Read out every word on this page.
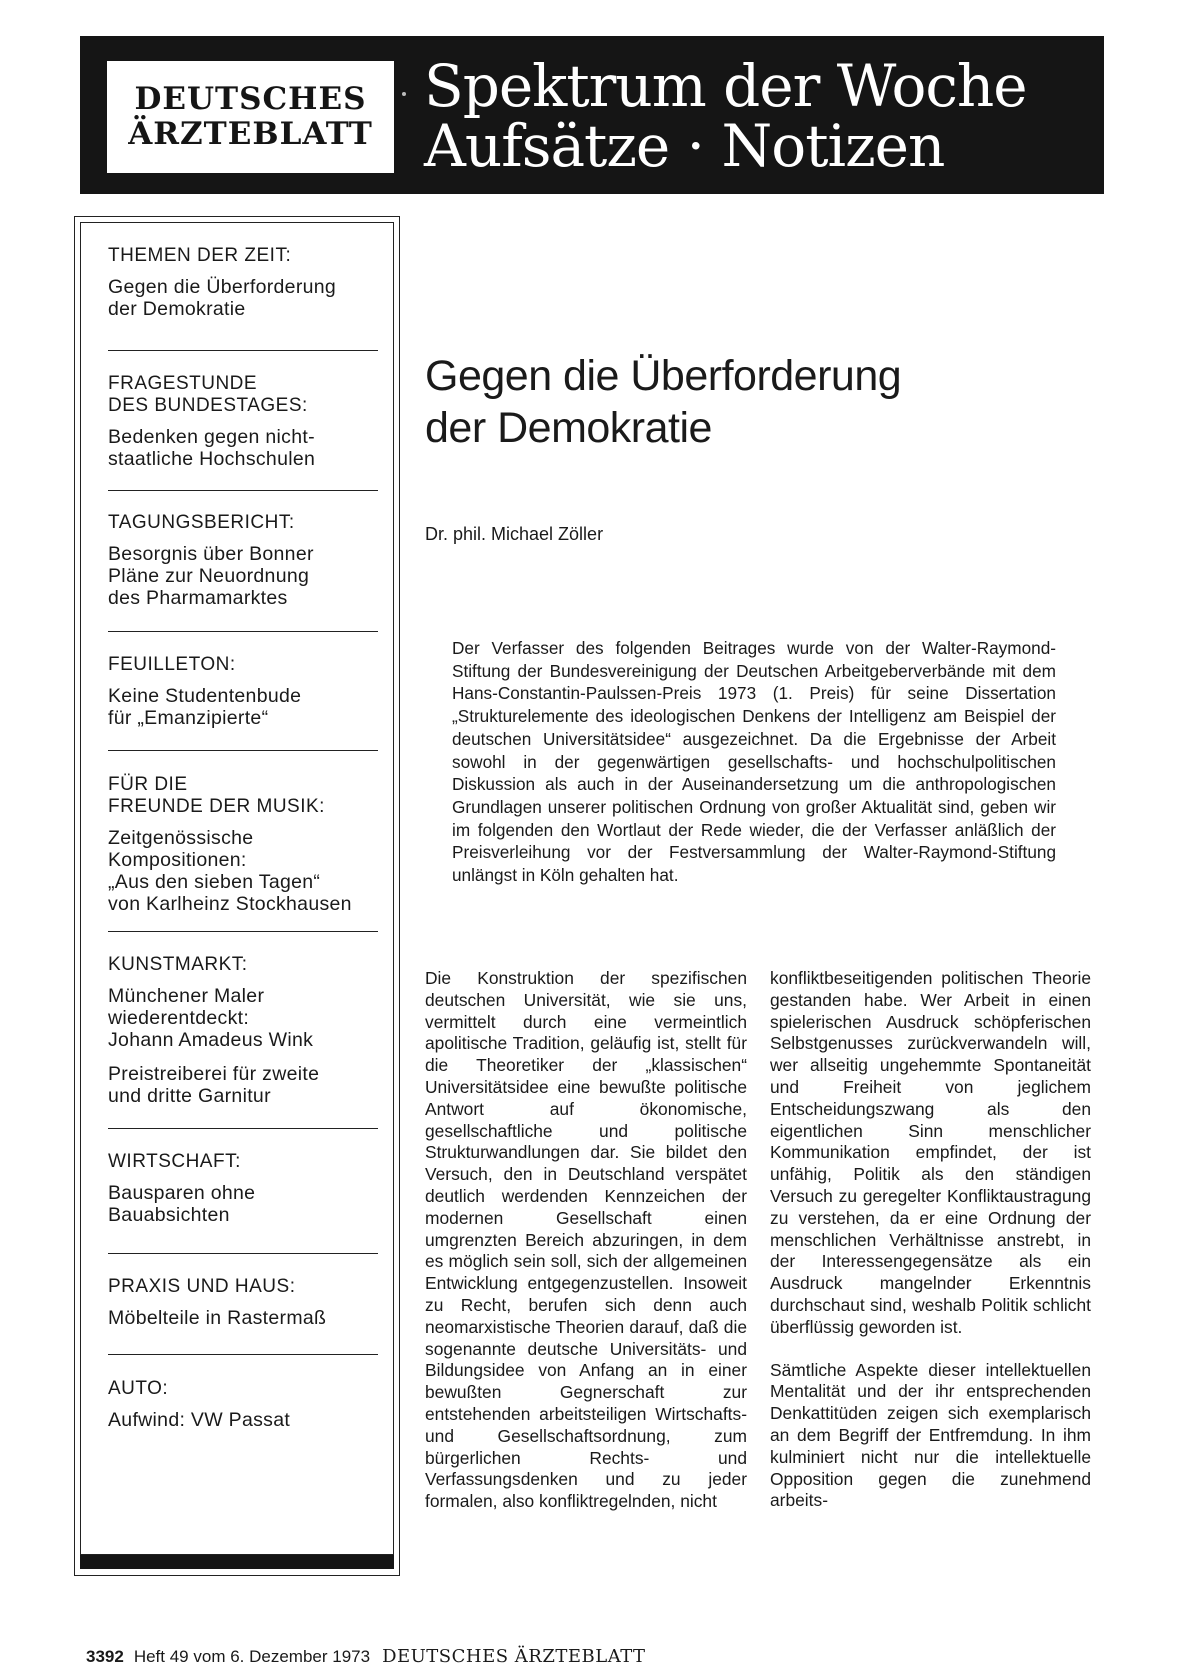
DEUTSCHES
ÄRZTEBLATT
Spektrum der Woche
Aufsätze · Notizen
THEMEN DER ZEIT:
Gegen die Überforderung
der Demokratie
FRAGESTUNDE
DES BUNDESTAGES:
Bedenken gegen nicht-
staatliche Hochschulen
TAGUNGSBERICHT:
Besorgnis über Bonner
Pläne zur Neuordnung
des Pharmamarktes
FEUILLETON:
Keine Studentenbude
für „Emanzipierte“
FÜR DIE
FREUNDE DER MUSIK:
Zeitgenössische
Kompositionen:
„Aus den sieben Tagen“
von Karlheinz Stockhausen
KUNSTMARKT:
Münchener Maler
wiederentdeckt:
Johann Amadeus Wink
Preistreiberei für zweite
und dritte Garnitur
WIRTSCHAFT:
Bausparen ohne
Bauabsichten
PRAXIS UND HAUS:
Möbelteile in Rastermaß
AUTO:
Aufwind: VW Passat
Gegen die Überforderung
der Demokratie
Dr. phil. Michael Zöller
Der Verfasser des folgenden Beitrages wurde von der Walter-Raymond-Stiftung der Bundesvereinigung der Deutschen Arbeitgeberverbände mit dem Hans-Constantin-Paulssen-Preis 1973 (1. Preis) für seine Dissertation „Strukturelemente des ideologischen Denkens der Intelligenz am Beispiel der deutschen Universitätsidee“ ausgezeichnet. Da die Ergebnisse der Arbeit sowohl in der gegenwärtigen gesellschafts- und hochschulpolitischen Diskussion als auch in der Auseinandersetzung um die anthropologischen Grundlagen unserer politischen Ordnung von großer Aktualität sind, geben wir im folgenden den Wortlaut der Rede wieder, die der Verfasser anläßlich der Preisverleihung vor der Festversammlung der Walter-Raymond-Stiftung unlängst in Köln gehalten hat.

Die Konstruktion der spezifischen deutschen Universität, wie sie uns, vermittelt durch eine vermeintlich apolitische Tradition, geläufig ist, stellt für die Theoretiker der „klassischen“ Universitätsidee eine bewußte politische Antwort auf ökonomische, gesellschaftliche und politische Strukturwandlungen dar. Sie bildet den Versuch, den in Deutschland verspätet deutlich werdenden Kennzeichen der modernen Gesellschaft einen umgrenzten Bereich abzuringen, in dem es möglich sein soll, sich der allgemeinen Entwicklung entgegenzustellen. Insoweit zu Recht, berufen sich denn auch neomarxistische Theorien darauf, daß die sogenannte deutsche Universitäts- und Bildungsidee von Anfang an in einer bewußten Gegnerschaft zur entstehenden arbeitsteiligen Wirtschafts- und Gesellschaftsordnung, zum bürgerlichen Rechts- und Verfassungsdenken und zu jeder formalen, also konfliktregelnden, nicht

konfliktbeseitigenden politischen Theorie gestanden habe. Wer Arbeit in einen spielerischen Ausdruck schöpferischen Selbstgenusses zurückverwandeln will, wer allseitig ungehemmte Spontaneität und Freiheit von jeglichem Entscheidungszwang als den eigentlichen Sinn menschlicher Kommunikation empfindet, der ist unfähig, Politik als den ständigen Versuch zu geregelter Konfliktaustragung zu verstehen, da er eine Ordnung der menschlichen Verhältnisse anstrebt, in der Interessengegensätze als ein Ausdruck mangelnder Erkenntnis durchschaut sind, weshalb Politik schlicht überflüssig geworden ist.

Sämtliche Aspekte dieser intellektuellen Mentalität und der ihr entsprechenden Denkattitüden zeigen sich exemplarisch an dem Begriff der Entfremdung. In ihm kulminiert nicht nur die intellektuelle Opposition gegen die zunehmend arbeits-

3392 Heft 49 vom 6. Dezember 1973 DEUTSCHES ÄRZTEBLATT
